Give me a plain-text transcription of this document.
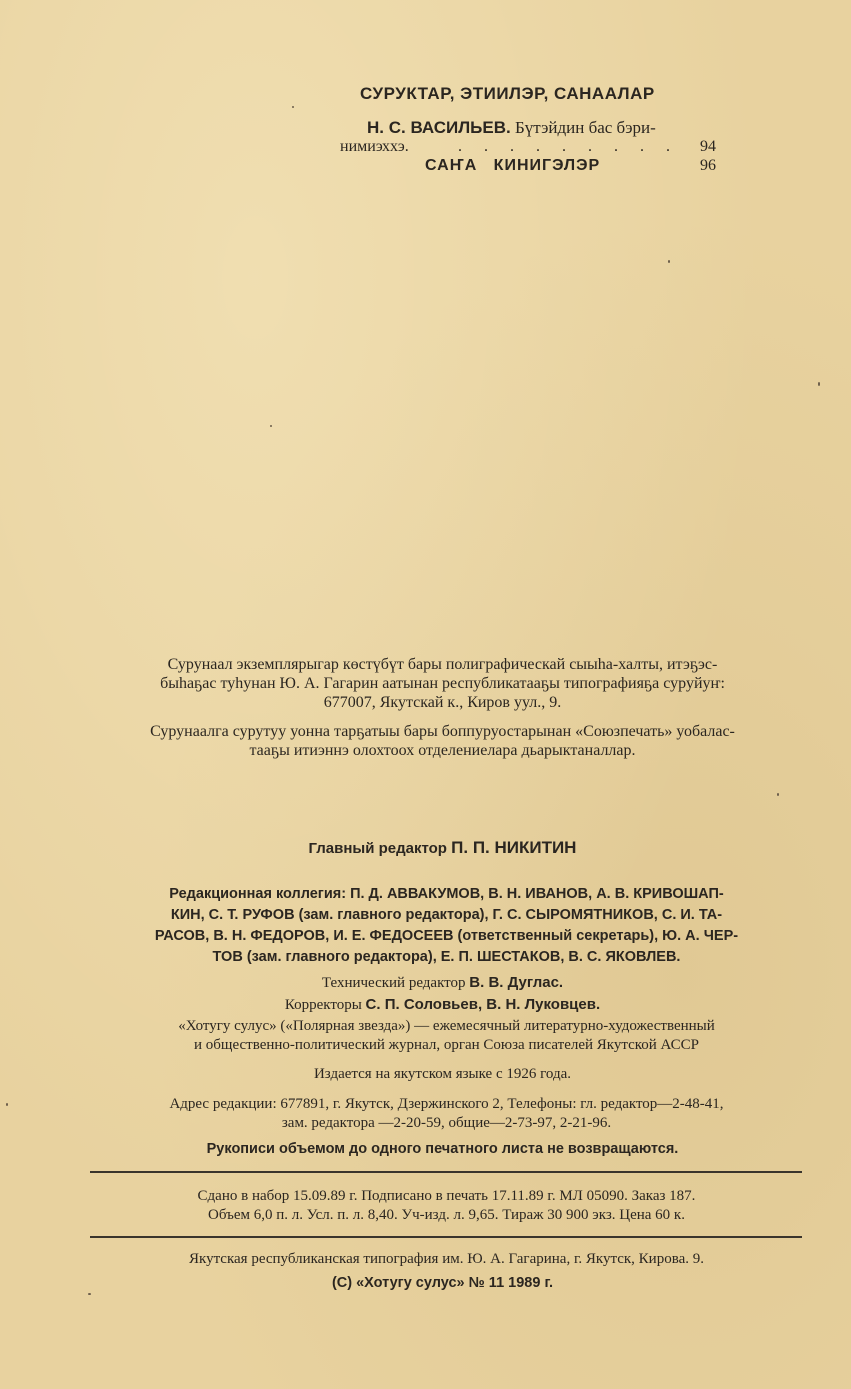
СУРУКТАР, ЭТИИЛЭР, САНААЛАР
Н. С. ВАСИЛЬЕВ. Бүтэйдин бас бэри-
нимиэххэ.	. . . . . . . . . 94
САҤА   КИНИГЭЛЭР	96
Сурунаал экземплярыгар көстүбүт бары полиграфическай сыыһа-халты, итэҕэс-
быһаҕас туһунан Ю. А. Гагарин аатынан республикатааҕы типографияҕа суруйуҥ:
677007, Якутскай к., Киров уул., 9.
Сурунаалга сурутуу уонна тарҕатыы бары боппуруостарынан «Союзпечать» уобалас-
тааҕы итиэннэ олохтоох отделениелара дьарыктаналлар.
Главный редактор П. П. НИКИТИН
Редакционная коллегия: П. Д. АВВАКУМОВ, В. Н. ИВАНОВ, А. В. КРИВОШАП-
КИН, С. Т. РУФОВ (зам. главного редактора), Г. С. СЫРОМЯТНИКОВ, С. И. ТА-
РАСОВ, В. Н. ФЕДОРОВ, И. Е. ФЕДОСЕЕВ (ответственный секретарь), Ю. А. ЧЕР-
ТОВ (зам. главного редактора), Е. П. ШЕСТАКОВ, В. С. ЯКОВЛЕВ.
Технический редактор В. В. Дуглас.
Корректоры С. П. Соловьев, В. Н. Луковцев.
«Хотугу сулус» («Полярная звезда») — ежемесячный литературно-художественный
и общественно-политический журнал, орган Союза писателей Якутской АССР
Издается на якутском языке с 1926 года.
Адрес редакции: 677891, г. Якутск, Дзержинского 2, Телефоны: гл. редактор—2-48-41,
зам. редактора —2-20-59, общие—2-73-97, 2-21-96.
Рукописи объемом до одного печатного листа не возвращаются.
Сдано в набор 15.09.89 г. Подписано в печать 17.11.89 г. МЛ 05090. Заказ 187.
Объем 6,0 п. л. Усл. п. л. 8,40. Уч-изд. л. 9,65. Тираж 30 900 экз. Цена 60 к.
Якутская республиканская типография им. Ю. А. Гагарина, г. Якутск, Кирова. 9.
(С) «Хотугу сулус» № 11 1989 г.
